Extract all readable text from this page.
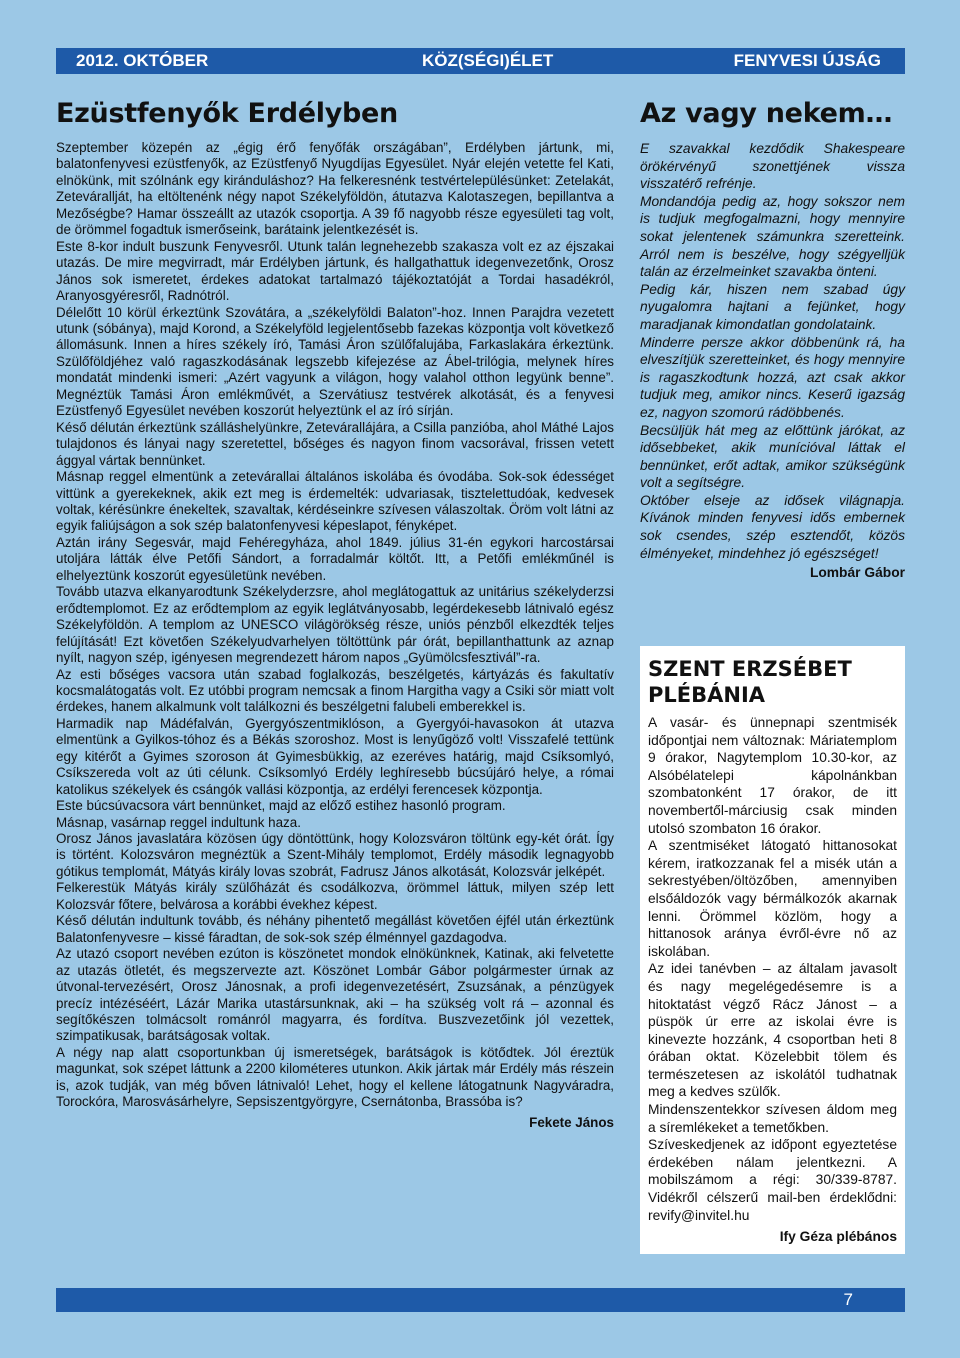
2012. OKTÓBER	KÖZ(SÉGI)ÉLET	FENYVESI ÚJSÁG
Ezüstfenyők Erdélyben

Szeptember közepén az „égig érő fenyőfák országában”, Erdélyben jártunk, mi, balatonfenyvesi ezüstfenyők, az Ezüstfenyő Nyugdíjas Egyesület. Nyár elején vetette fel Kati, elnökünk, mit szólnánk egy kiránduláshoz? Ha felkeresnénk testvértelepülésünket: Zetelakát, Zetevárallját, ha eltöltenénk négy napot Székelyföldön, átutazva Kalotaszegen, bepillantva a Mezőségbe? Hamar összeállt az utazók csoportja. A 39 fő nagyobb része egyesületi tag volt, de örömmel fogadtuk ismerőseink, barátaink jelentkezését is.

Este 8-kor indult buszunk Fenyvesről. Utunk talán legnehezebb szakasza volt ez az éjszakai utazás. De mire megvirradt, már Erdélyben jártunk, és hallgathattuk idegenvezetőnk, Orosz János sok ismeretet, érdekes adatokat tartalmazó tájékoztatóját a Tordai hasadékról, Aranyosgyéresről, Radnótról.

Délelőtt 10 körül érkeztünk Szovátára, a „székelyföldi Balaton”-hoz. Innen Parajdra vezetett utunk (sóbánya), majd Korond, a Székelyföld legjelentősebb fazekas központja volt következő állomásunk. Innen a híres székely író, Tamási Áron szülőfalujába, Farkaslakára érkeztünk. Szülőföldjéhez való ragaszkodásának legszebb kifejezése az Ábel-trilógia, melynek híres mondatát mindenki ismeri: „Azért vagyunk a világon, hogy valahol otthon legyünk benne”. Megnéztük Tamási Áron emlékművét, a Szervátiusz testvérek alkotását, és a fenyvesi Ezüstfenyő Egyesület nevében koszorút helyeztünk el az író sírján.

Késő délután érkeztünk szálláshelyünkre, Zetevárallájára, a Csilla panzióba, ahol Máthé Lajos tulajdonos és lányai nagy szeretettel, bőséges és nagyon finom vacsorával, frissen vetett ággyal vártak bennünket.

Másnap reggel elmentünk a zetevárallai általános iskolába és óvodába. Sok-sok édességet vittünk a gyerekeknek, akik ezt meg is érdemelték: udvariasak, tisztelettudóak, kedvesek voltak, kérésünkre énekeltek, szavaltak, kérdéseinkre szívesen válaszoltak. Öröm volt látni az egyik faliújságon a sok szép balatonfenyvesi képeslapot, fényképet.

Aztán irány Segesvár, majd Fehéregyháza, ahol 1849. július 31-én egykori harcostársai utoljára látták élve Petőfi Sándort, a forradalmár költőt. Itt, a Petőfi emlékműnél is elhelyeztünk koszorút egyesületünk nevében.

Tovább utazva elkanyarodtunk Székelyderzsre, ahol meglátogattuk az unitárius székelyderzsi erődtemplomot. Ez az erődtemplom az egyik leglátványosabb, legérdekesebb látnivaló egész Székelyföldön. A templom az UNESCO világörökség része, uniós pénzből elkezdték teljes felújítását! Ezt követően Székelyudvarhelyen töltöttünk pár órát, bepillanthattunk az aznap nyílt, nagyon szép, igényesen megrendezett három napos „Gyümölcsfesztivál”-ra.

Az esti bőséges vacsora után szabad foglalkozás, beszélgetés, kártyázás és fakultatív kocsmalátogatás volt. Ez utóbbi program nemcsak a finom Hargitha vagy a Csiki sör miatt volt érdekes, hanem alkalmunk volt találkozni és beszélgetni falubeli emberekkel is.

Harmadik nap Mádéfalván, Gyergyószentmiklóson, a Gyergyói-havasokon át utazva elmentünk a Gyilkos-tóhoz és a Békás szoroshoz. Most is lenyűgöző volt! Visszafelé tettünk egy kitérőt a Gyimes szoroson át Gyimesbükkig, az ezeréves határig, majd Csíksomlyó, Csíkszereda volt az úti célunk. Csíksomlyó Erdély leghíresebb búcsújáró helye, a római katolikus székelyek és csángók vallási központja, az erdélyi ferencesek központja.

Este búcsúvacsora várt bennünket, majd az előző estihez hasonló program.

Másnap, vasárnap reggel indultunk haza.

Orosz János javaslatára közösen úgy döntöttünk, hogy Kolozsváron töltünk egy-két órát. Így is történt. Kolozsváron megnéztük a Szent-Mihály templomot, Erdély második legnagyobb gótikus templomát, Mátyás király lovas szobrát, Fadrusz János alkotását, Kolozsvár jelképét.

Felkerestük Mátyás király szülőházát és csodálkozva, örömmel láttuk, milyen szép lett Kolozsvár főtere, belvárosa a korábbi évekhez képest.

Késő délután indultunk tovább, és néhány pihentető megállást követően éjfél után érkeztünk Balatonfenyvesre – kissé fáradtan, de sok-sok szép élménnyel gazdagodva.

Az utazó csoport nevében ezúton is köszönetet mondok elnökünknek, Katinak, aki felvetette az utazás ötletét, és megszervezte azt. Köszönet Lombár Gábor polgármester úrnak az útvonal-tervezésért, Orosz Jánosnak, a profi idegenvezetésért, Zsuzsának, a pénzügyek precíz intézéséért, Lázár Marika utastársunknak, aki – ha szükség volt rá – azonnal és segítőkészen tolmácsolt románról magyarra, és fordítva. Buszvezetőink jól vezettek, szimpatikusak, barátságosak voltak.

A négy nap alatt csoportunkban új ismeretségek, barátságok is kötődtek. Jól éreztük magunkat, sok szépet láttunk a 2200 kilométeres utunkon. Akik jártak már Erdély más részein is, azok tudják, van még bőven látnivaló! Lehet, hogy el kellene látogatnunk Nagyváradra, Torockóra, Marosvásárhelyre, Sepsiszentgyörgyre, Csernátonba, Brassóba is?

Fekete János

Az vagy nekem…

E szavakkal kezdődik Shakespeare örökérvényű szonettjének vissza visszatérő refrénje.

Mondandója pedig az, hogy sokszor nem is tudjuk megfogalmazni, hogy mennyire sokat jelentenek számunkra szeretteink. Arról nem is beszélve, hogy szégyelljük talán az érzelmeinket szavakba önteni.

Pedig kár, hiszen nem szabad úgy nyugalomra hajtani a fejünket, hogy maradjanak kimondatlan gondolataink.

Minderre persze akkor döbbenünk rá, ha elveszítjük szeretteinket, és hogy mennyire is ragaszkodtunk hozzá, azt csak akkor tudjuk meg, amikor nincs. Keserű igazság ez, nagyon szomorú rádöbbenés.

Becsüljük hát meg az előttünk járókat, az idősebbeket, akik munícióval láttak el bennünket, erőt adtak, amikor szükségünk volt a segítségre.

Október elseje az idősek világnapja. Kívánok minden fenyvesi idős embernek sok csendes, szép esztendőt, közös élményeket, mindehhez jó egészséget!

Lombár Gábor

SZENT ERZSÉBET
PLÉBÁNIA

A vasár- és ünnepnapi szentmisék időpontjai nem változnak: Máriatemplom 9 órakor, Nagytemplom 10.30-kor, az Alsóbélatelepi kápolnánkban szombatonként 17 órakor, de itt novembertől-márciusig csak minden utolsó szombaton 16 órakor.

A szentmiséket látogató hittanosokat kérem, iratkozzanak fel a misék után a sekrestyében/öltözőben, amennyiben elsőáldozók vagy bérmálkozók akarnak lenni. Örömmel közlöm, hogy a hittanosok aránya évről-évre nő az iskolában.

Az idei tanévben – az általam javasolt és nagy megelégedésemre is a hitoktatást végző Rácz Jánost – a püspök úr erre az iskolai évre is kinevezte hozzánk, 4 csoportban heti 8 órában oktat. Közelebbit tölem és természetesen az iskolától tudhatnak meg a kedves szülők.

Mindenszentekkor szívesen áldom meg a síremlékeket a temetőkben.

Szíveskedjenek az időpont egyeztetése érdekében nálam jelentkezni. A mobilszámom a régi: 30/339-8787. Vidékről célszerű mail-ben érdeklődni: revify@invitel.hu

Ify Géza plébános

7
